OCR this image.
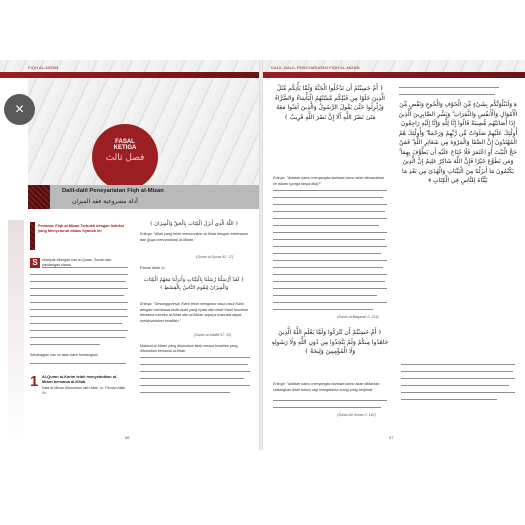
FIQH AL-MIZAN
FASAL
KETIGA
فصل ثالث
Dalil-dalil Pensyariatan Fiqh al-Mizan
أدلة مشروعية فقه الميزان
Pertama: Fiqh al-Mizan Terbukti dengan Induksi yang Menyeluruh dalam Syariah Ini
S	ebanyak bilangan nas al-Quran, Sunah dan pandangan ulama
Sebahagian nas ini akan kami bentangkan
1 Al-Quran al-Karim telah menyebutkan al-Mizan bersama al-Kitab.
Kata al-Mizan diturunkan oleh Allah ﷻ. Firman Allah ﷻ:
﴿ اللَّهُ الَّذِي أَنزَلَ الْكِتَابَ بِالْحَقِّ وَالْمِيزَانَ ﴾
Ertinya: "Allah yang telah menurunkan al-Kitab dengan kebenaran dan (juga menurunkan) al-Mizan."
(Surah al-Syura 42: 17)
Firman Allah ﷻ:
﴿ لَقَدْ أَرْسَلْنَا رُسُلَنَا بِالْبَيِّنَاتِ وَأَنزَلْنَا مَعَهُمُ الْكِتَابَ وَالْمِيزَانَ لِيَقُومَ النَّاسُ بِالْقِسْطِ ﴾
Ertinya: "Sesungguhnya, Kami telah mengutus rasul-rasul Kami dengan membawa bukti-bukti yang nyata dan telah Kami turunkan bersama mereka al-Kitab dan al-Mizan supaya manusia dapat melaksanakan keadilan."
(Surah al-Hadid 57: 25)
Maksud al-Mizan yang diturunkan ialah neraca keadilan yang diturunkan bersama al-Kitab.
56
DALIL-DALIL PENSYARIATAN FIQH AL-MIZAN
﴿ أَمْ حَسِبْتُمْ أَن تَدْخُلُوا الْجَنَّةَ وَلَمَّا يَأْتِكُم مَّثَلُ الَّذِينَ خَلَوْا مِن قَبْلِكُم مَّسَّتْهُمُ الْبَأْسَاءُ وَالضَّرَّاءُ وَزُلْزِلُوا حَتَّىٰ يَقُولَ الرَّسُولُ وَالَّذِينَ آمَنُوا مَعَهُ مَتَىٰ نَصْرُ اللَّهِ أَلَا إِنَّ نَصْرَ اللَّهِ قَرِيبٌ ﴾
Ertinya: "Adakah kamu menyangka bahawa kamu akan dimasukkan ke dalam syurga tanpa diuji?"
(Surah al-Baqarah 2: 214)
﴿ أَمْ حَسِبْتُمْ أَن تُتْرَكُوا وَلَمَّا يَعْلَمِ اللَّهُ الَّذِينَ جَاهَدُوا مِنكُمْ وَلَمْ يَتَّخِذُوا مِن دُونِ اللَّهِ وَلَا رَسُولِهِ وَلَا الْمُؤْمِنِينَ وَلِيجَةً ﴾
Ertinya: "Adakah kamu menyangka bahawa kamu akan dibiarkan, sedangkan Allah belum lagi mengetahui orang yang berjihad."
(Surah Ali 'Imran 3: 142)
﴿ وَلَنَبْلُوَنَّكُم بِشَيْءٍ مِّنَ الْخَوْفِ وَالْجُوعِ وَنَقْصٍ مِّنَ الْأَمْوَالِ وَالْأَنفُسِ وَالثَّمَرَاتِ ۗ وَبَشِّرِ الصَّابِرِينَ الَّذِينَ إِذَا أَصَابَتْهُم مُّصِيبَةٌ قَالُوا إِنَّا لِلَّهِ وَإِنَّا إِلَيْهِ رَاجِعُونَ أُولَٰئِكَ عَلَيْهِمْ صَلَوَاتٌ مِّن رَّبِّهِمْ وَرَحْمَةٌ ۖ وَأُولَٰئِكَ هُمُ الْمُهْتَدُونَ إِنَّ الصَّفَا وَالْمَرْوَةَ مِن شَعَائِرِ اللَّهِ ۖ فَمَنْ حَجَّ الْبَيْتَ أَوِ اعْتَمَرَ فَلَا جُنَاحَ عَلَيْهِ أَن يَطَّوَّفَ بِهِمَا ۚ وَمَن تَطَوَّعَ خَيْرًا فَإِنَّ اللَّهَ شَاكِرٌ عَلِيمٌ إِنَّ الَّذِينَ يَكْتُمُونَ مَا أَنزَلْنَا مِنَ الْبَيِّنَاتِ وَالْهُدَىٰ مِن بَعْدِ مَا بَيَّنَّاهُ لِلنَّاسِ فِي الْكِتَابِ ﴾
57
×
